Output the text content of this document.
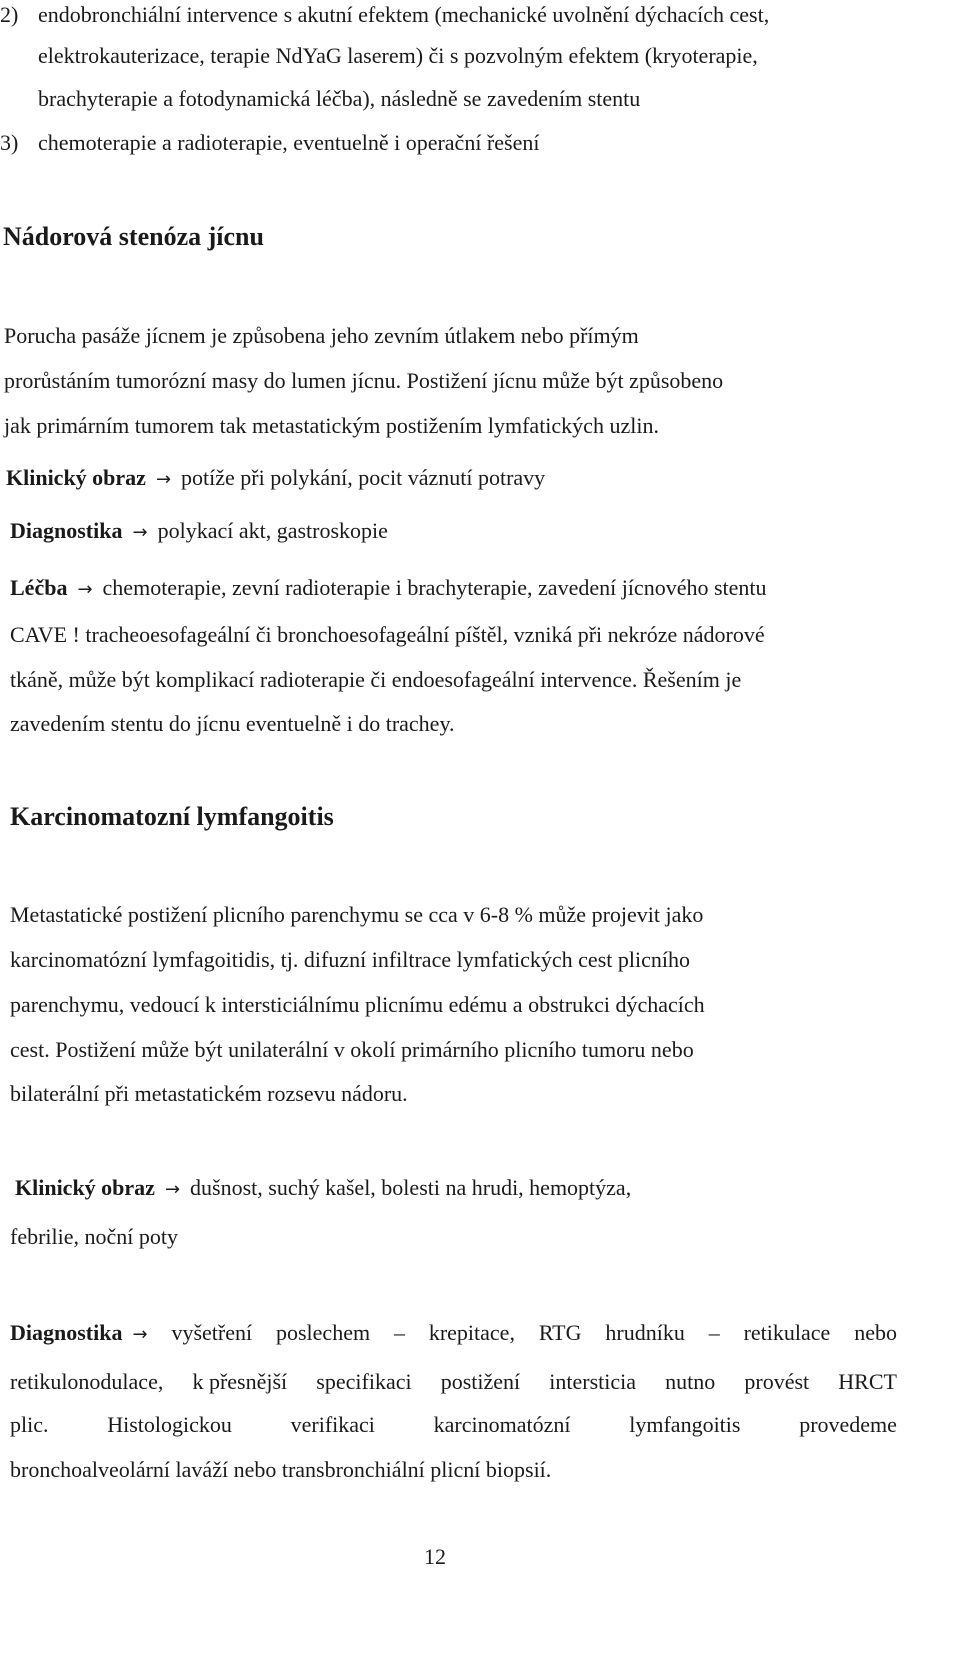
2) endobronchiální intervence s akutní efektem (mechanické uvolnění dýchacích cest,
elektrokauterizace, terapie NdYaG laserem) či s pozvolným efektem (kryoterapie,
brachyterapie a fotodynamická léčba), následně se zavedením stentu
3) chemoterapie a radioterapie, eventuelně i operační řešení
Nádorová stenóza jícnu
Porucha pasáže jícnem je způsobena jeho zevním útlakem nebo přímým
prorůstáním tumorózní masy do lumen jícnu. Postižení jícnu může být způsobeno
jak primárním tumorem tak metastatickým postižením lymfatických uzlin.
Klinický obraz → potíže při polykání, pocit váznutí potravy
Diagnostika → polykací akt, gastroskopie
Léčba → chemoterapie, zevní radioterapie i brachyterapie, zavedení jícnového stentu
CAVE ! tracheoesofageální či bronchoesofageální píštěl, vzniká při nekróze nádorové
tkáně, může být komplikací radioterapie či endoesofageální intervence. Řešením je
zavedením stentu do jícnu eventuelně i do trachey.
Karcinomatozní lymfangoitis
Metastatické postižení plicního parenchymu se cca v 6-8 % může projevit jako
karcinomatózní lymfagoitidis, tj. difuzní infiltrace lymfatických cest plicního
parenchymu, vedoucí k intersticiálnímu plicnímu edému a obstrukci dýchacích
cest. Postižení může být unilaterální v okolí primárního plicního tumoru nebo
bilaterální při metastatickém rozsevu nádoru.
Klinický obraz → dušnost, suchý kašel, bolesti na hrudi, hemoptýza,
febrilie, noční poty
Diagnostika → vyšetření poslechem – krepitace, RTG hrudníku – retikulace nebo
retikulonodulace, k přesnější specifikaci postižení intersticia nutno provést HRCT
plic.	Histologickou	verifikaci	karcinomatózní	lymfangoitis	provedeme
bronchoalveolární laváží nebo transbronchiální plicní biopsií.
12
